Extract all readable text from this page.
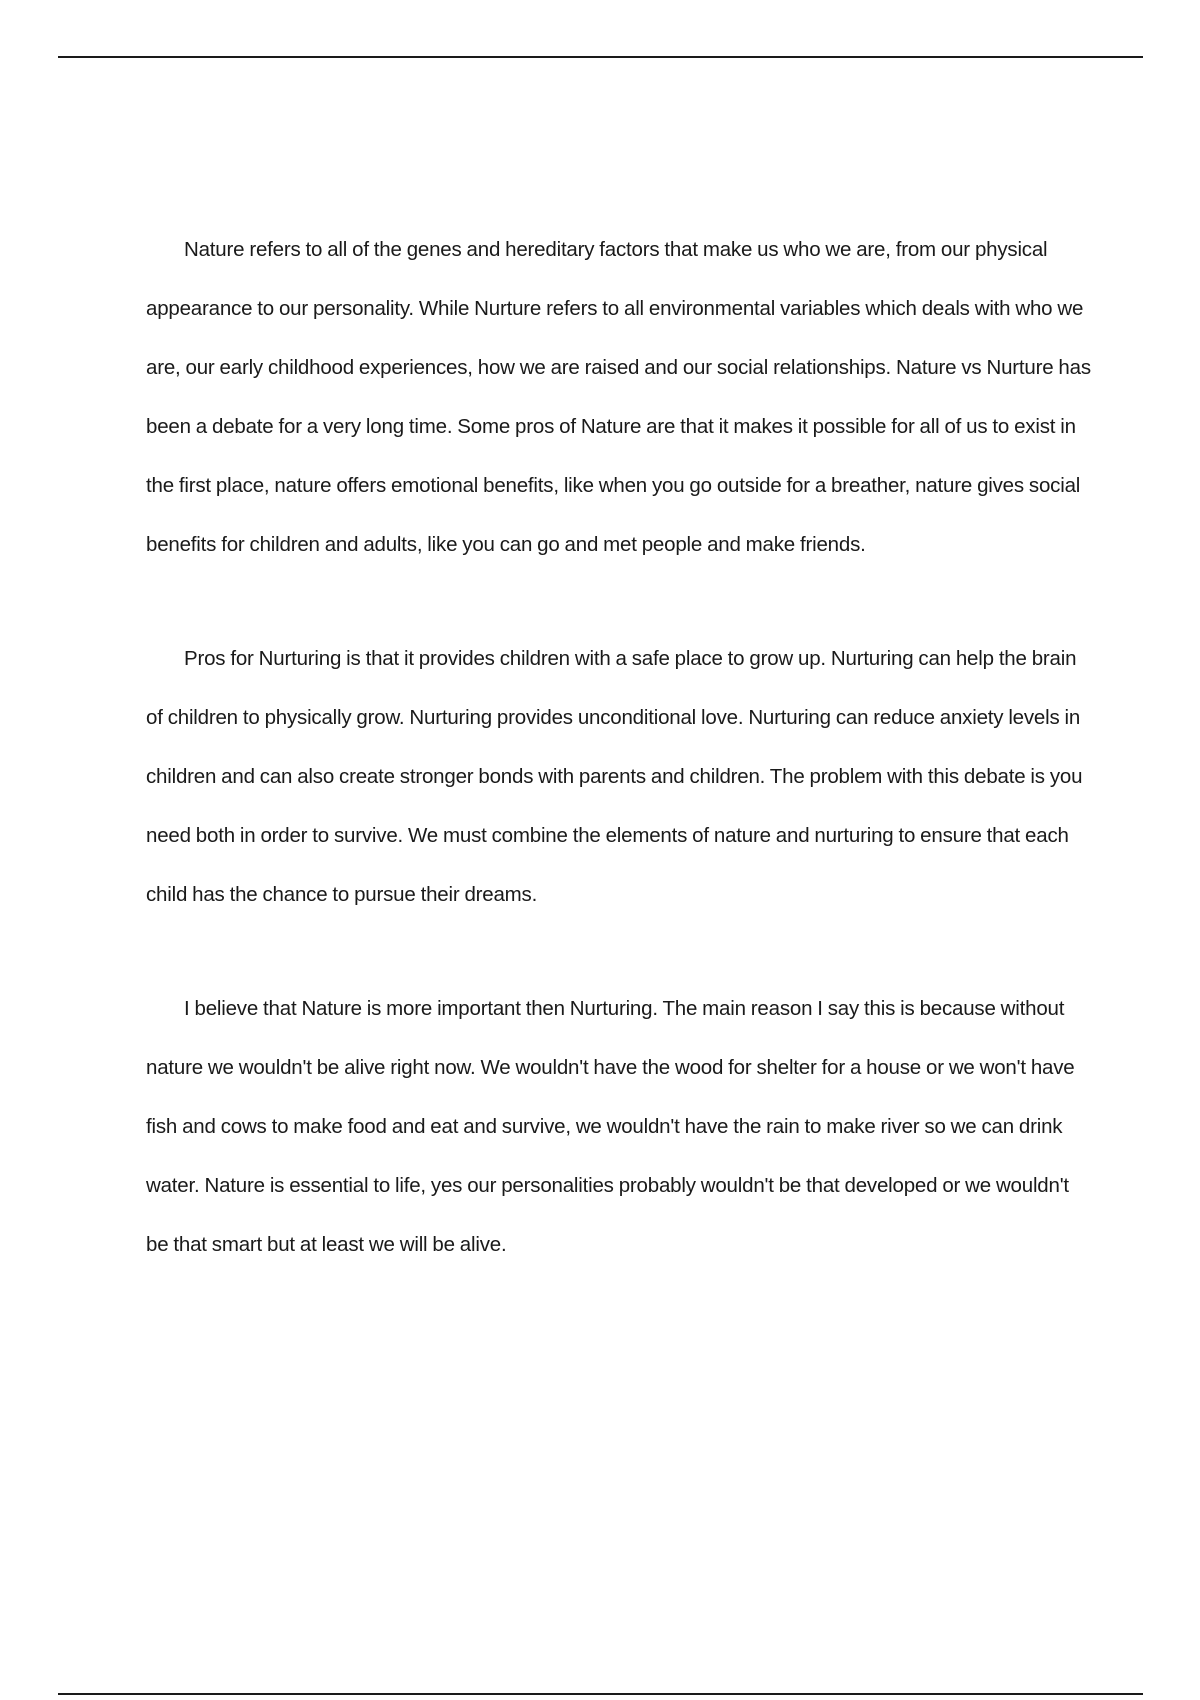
Nature refers to all of the genes and hereditary factors that make us who we are, from our physical appearance to our personality. While Nurture refers to all environmental variables which deals with who we are, our early childhood experiences, how we are raised and our social relationships. Nature vs Nurture has been a debate for a very long time. Some pros of Nature are that it makes it possible for all of us to exist in the first place, nature offers emotional benefits, like when you go outside for a breather, nature gives social benefits for children and adults, like you can go and met people and make friends.

Pros for Nurturing is that it provides children with a safe place to grow up. Nurturing can help the brain of children to physically grow. Nurturing provides unconditional love. Nurturing can reduce anxiety levels in children and can also create stronger bonds with parents and children. The problem with this debate is you need both in order to survive. We must combine the elements of nature and nurturing to ensure that each child has the chance to pursue their dreams.

I believe that Nature is more important then Nurturing. The main reason I say this is because without nature we wouldn't be alive right now. We wouldn't have the wood for shelter for a house or we won't have fish and cows to make food and eat and survive, we wouldn't have the rain to make river so we can drink water. Nature is essential to life, yes our personalities probably wouldn't be that developed or we wouldn't be that smart but at least we will be alive.
